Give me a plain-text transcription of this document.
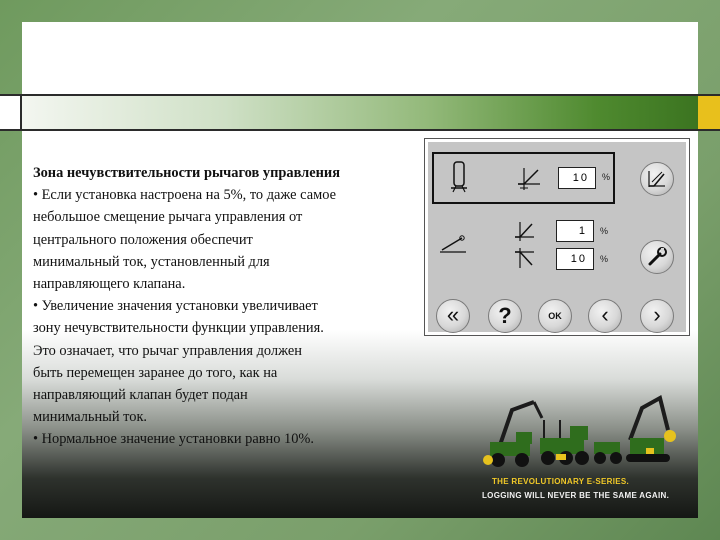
Зона нечувствительности рычагов управления

• Если установка настроена на 5%, то даже самое

небольшое смещение рычага управления от

центрального положения обеспечит

минимальный ток, установленный для

направляющего клапана.

• Увеличение значения установки увеличивает

зону нечувствительности функции управления.

Это означает, что рычаг управления должен

быть перемещен заранее до того, как на

направляющий клапан будет подан

минимальный ток.

• Нормальное значение установки равно 10%.

10	%
1	%
10	%
« ?	OK ‹ ›
THE REVOLUTIONARY E-SERIES.
LOGGING WILL NEVER BE THE SAME AGAIN.
